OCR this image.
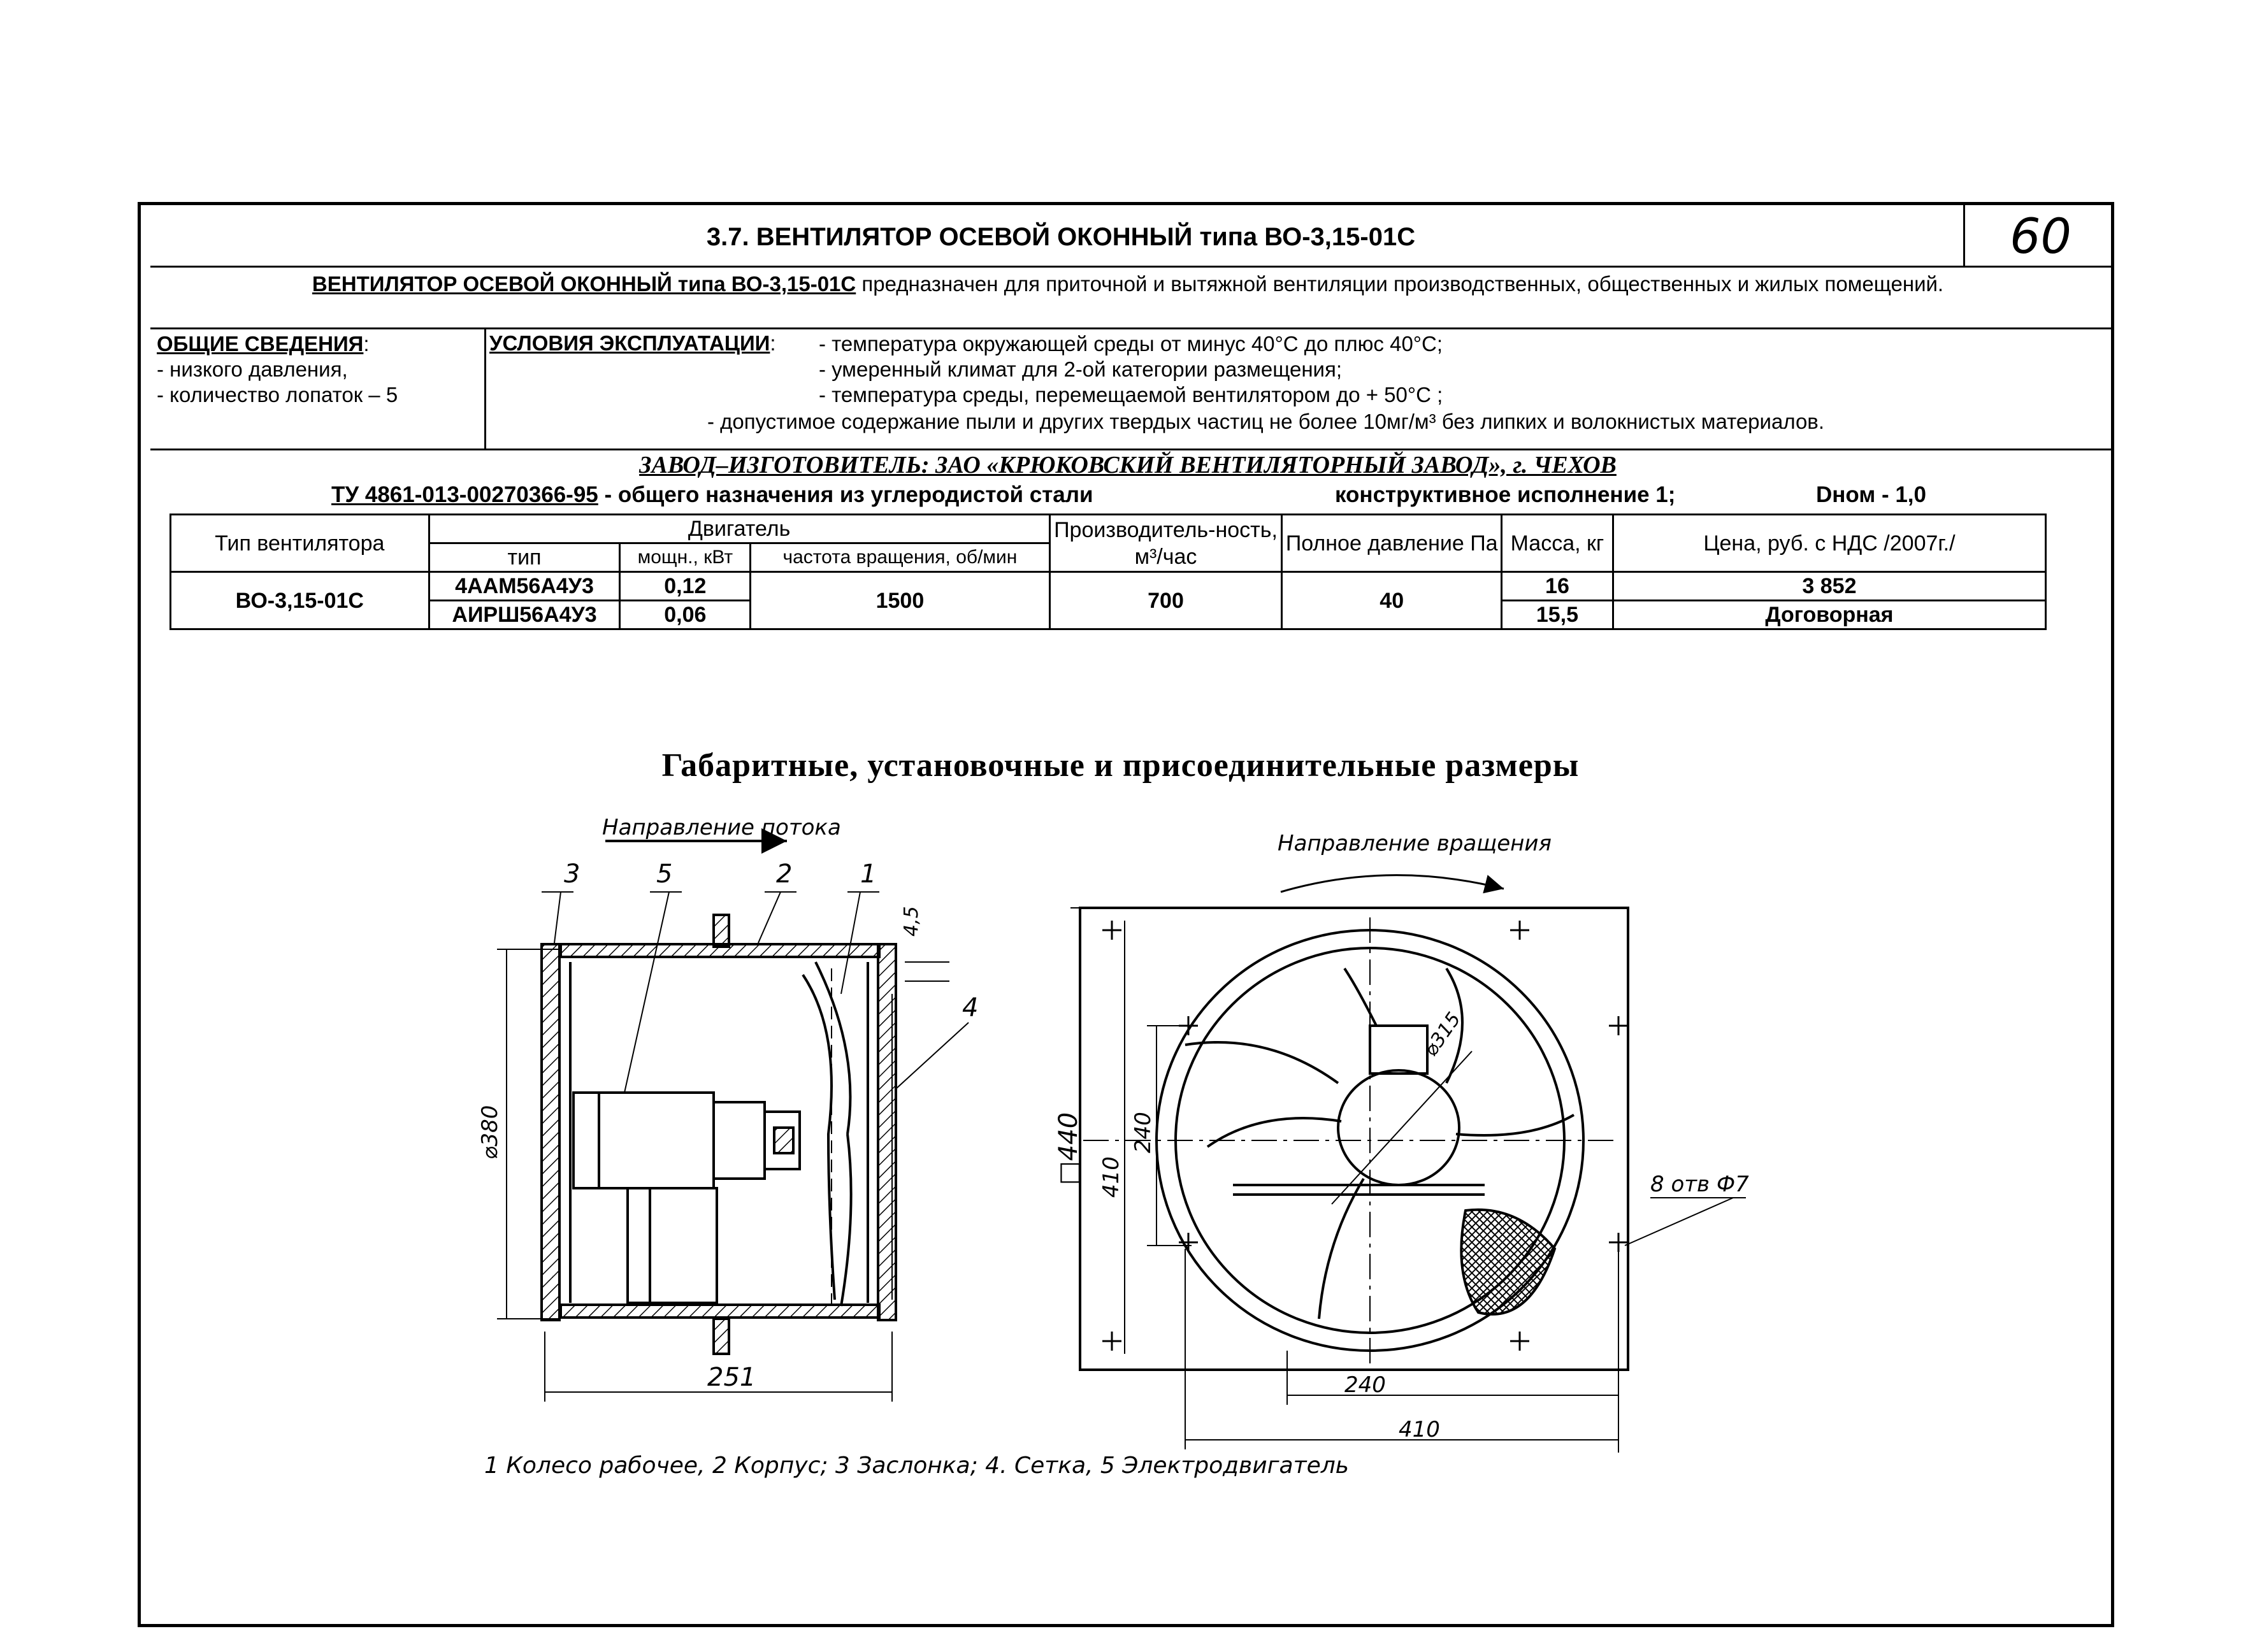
3.7. ВЕНТИЛЯТОР ОСЕВОЙ ОКОННЫЙ типа ВО-3,15-01С	60
ВЕНТИЛЯТОР ОСЕВОЙ ОКОННЫЙ типа ВО-3,15-01С предназначен для приточной и вытяжной вентиляции производственных, общественных и жилых помещений.
ОБЩИЕ СВЕДЕНИЯ:
- низкого давления,
- количество лопаток – 5
УСЛОВИЯ ЭКСПЛУАТАЦИИ: - температура окружающей среды от минус 40°С до плюс 40°С;
- умеренный климат для 2-ой категории размещения;
- температура среды, перемещаемой вентилятором до + 50°С ;
- допустимое содержание пыли и других твердых частиц не более 10мг/м³ без липких и волокнистых материалов.
ЗАВОД–ИЗГОТОВИТЕЛЬ: ЗАО «КРЮКОВСКИЙ ВЕНТИЛЯТОРНЫЙ ЗАВОД», г. ЧЕХОВ
ТУ 4861-013-00270366-95 - общего назначения из углеродистой стали	конструктивное исполнение 1;	Dном - 1,0
Тип вентилятора	Двигатель			Производитель-ность, м³/час	Полное давление Па	Масса, кг	Цена, руб. с НДС /2007г./
	тип	мощн., кВт	частота вращения, об/мин				
ВО-3,15-01С	4ААМ56А4У3	0,12	1500	700	40	16	3 852
	АИРШ56А4У3	0,06				15,5	Договорная
Габаритные, установочные и присоединительные размеры
Направление потока
Направление вращения
3	5	2	1
4
4,5
⌀380
251
□440 410
240
240
410
⌀315
8 отв Ф7
1 Колесо рабочее, 2 Корпус; 3 Заслонка; 4. Сетка, 5 Электродвигатель
